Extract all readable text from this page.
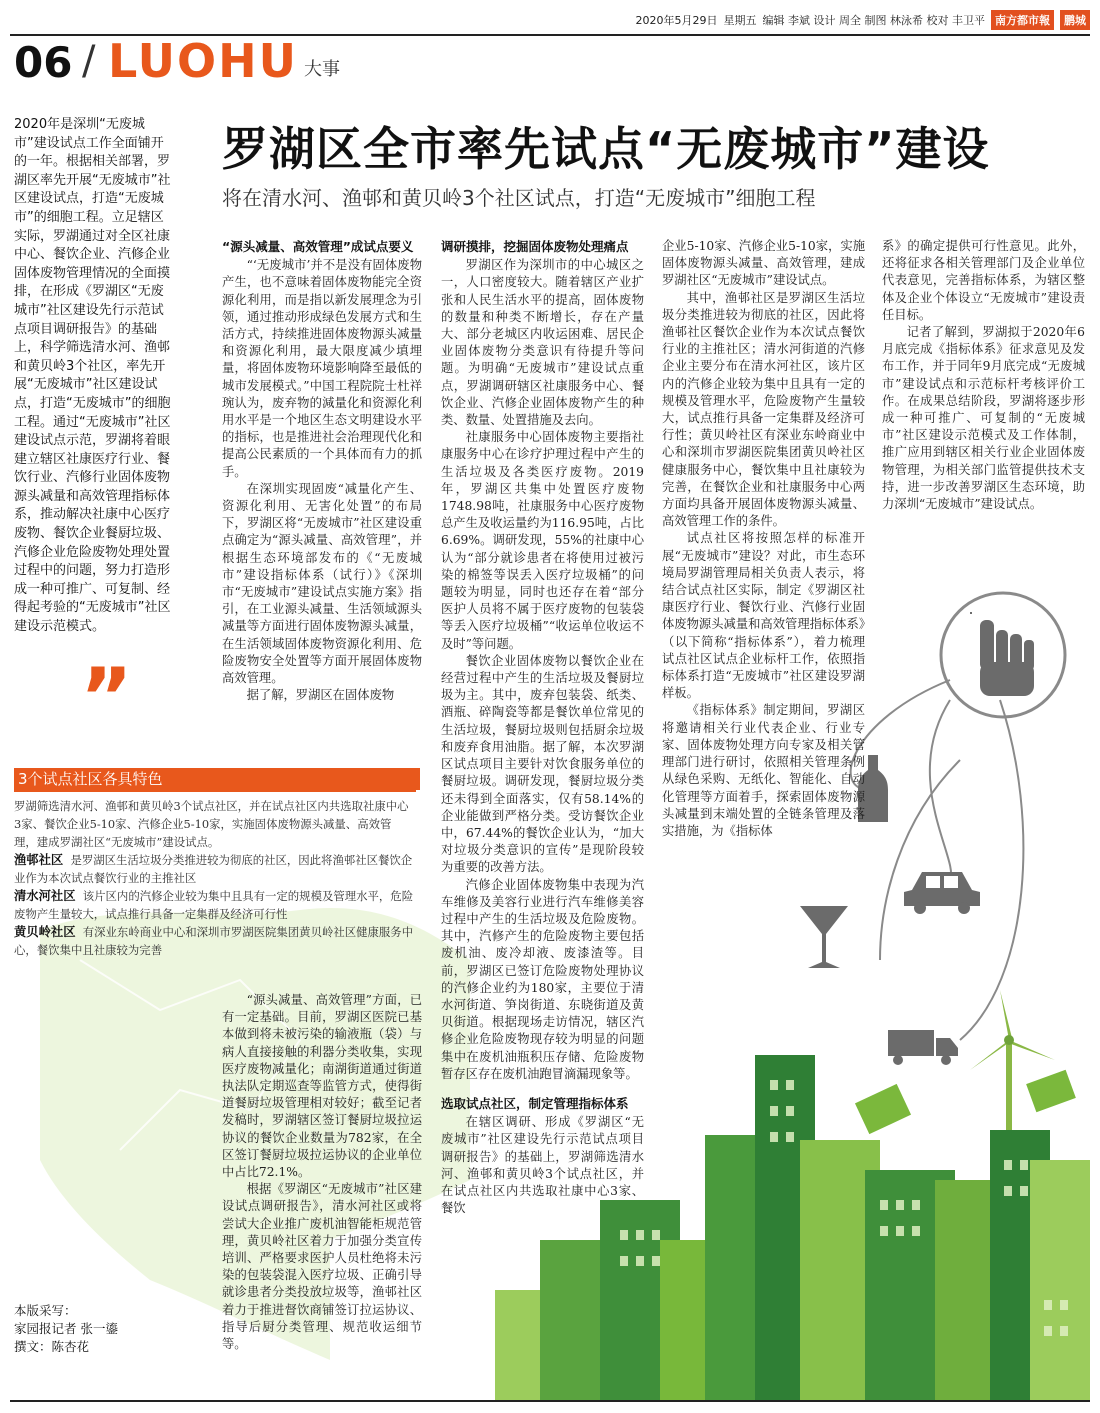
2020年5月29日 星期五 编辑 李斌 设计 周全 制图 林泳希 校对 丰卫平 南方都市報	鹏城
06 / LUOHU 大事
罗湖区全市率先试点“无废城市”建设
将在清水河、渔邨和黄贝岭3个社区试点，打造“无废城市”细胞工程
2020年是深圳“无废城市”建设试点工作全面铺开的一年。根据相关部署，罗湖区率先开展“无废城市”社区建设试点，打造“无废城市”的细胞工程。立足辖区实际，罗湖通过对全区社康中心、餐饮企业、汽修企业固体废物管理情况的全面摸排，在形成《罗湖区“无废城市”社区建设先行示范试点项目调研报告》的基础上，科学筛选清水河、渔邨和黄贝岭3个社区，率先开展“无废城市”社区建设试点，打造“无废城市”的细胞工程。通过“无废城市”社区建设试点示范，罗湖将着眼建立辖区社康医疗行业、餐饮行业、汽修行业固体废物源头减量和高效管理指标体系，推动解决社康中心医疗废物、餐饮企业餐厨垃圾、汽修企业危险废物处理处置过程中的问题，努力打造形成一种可推广、可复制、经得起考验的“无废城市”社区建设示范模式。
”
“源头减量、高效管理”成试点要义

“‘无废城市’并不是没有固体废物产生，也不意味着固体废物能完全资源化利用，而是指以新发展理念为引领，通过推动形成绿色发展方式和生活方式，持续推进固体废物源头减量和资源化利用，最大限度减少填埋量，将固体废物环境影响降至最低的城市发展模式。”中国工程院院士杜祥琬认为，废弃物的減量化和资源化利用水平是一个地区生态文明建设水平的指标，也是推进社会治理现代化和提高公民素质的一个具体而有力的抓手。

在深圳实现固废“减量化产生、资源化利用、无害化处置”的布局下，罗湖区将“无废城市”社区建设重点确定为“源头减量、高效管理”，并根据生态环境部发布的《“无废城市”建设指标体系（试行）》《深圳市“无废城市”建设试点实施方案》指引，在工业源头减量、生活领域源头减量等方面进行固体废物源头减量，在生活领域固体废物资源化利用、危险废物安全处置等方面开展固体废物高效管理。

据了解，罗湖区在固体废物

调研摸排，挖掘固体废物处理痛点

罗湖区作为深圳市的中心城区之一，人口密度较大。随着辖区产业扩张和人民生活水平的提高，固体废物的数量和种类不断增长，存在产量大、部分老城区内收运困难、居民企业固体废物分类意识有待提升等问题。为明确“无废城市”建设试点重点，罗湖调研辖区社康服务中心、餐饮企业、汽修企业固体废物产生的种类、数量、处置措施及去向。

社康服务中心固体废物主要指社康服务中心在诊疗护理过程中产生的生活垃圾及各类医疗废物。2019年，罗湖区共集中处置医疗废物1748.98吨，社康服务中心医疗废物总产生及收运量约为116.95吨，占比6.69%。调研发现，55%的社康中心认为“部分就诊患者在将使用过被污染的棉签等误丢入医疗垃圾桶”的问题较为明显，同时也还存在着“部分医护人员将不属于医疗废物的包装袋等丢入医疗垃圾桶”“收运单位收运不及时”等问题。

餐饮企业固体废物以餐饮企业在经营过程中产生的生活垃圾及餐厨垃圾为主。其中，废弃包装袋、纸类、酒瓶、碎陶瓷等都是餐饮单位常见的生活垃圾，餐厨垃圾则包括厨余垃圾和废弃食用油脂。据了解，本次罗湖区试点项目主要针对饮食服务单位的餐厨垃圾。调研发现，餐厨垃圾分类还未得到全面落实，仅有58.14%的企业能做到严格分类。受访餐饮企业中，67.44%的餐饮企业认为，“加大对垃圾分类意识的宣传”是现阶段较为重要的改善方法。

汽修企业固体废物集中表现为汽车维修及美容行业进行汽车维修美容过程中产生的生活垃圾及危险废物。其中，汽修产生的危险废物主要包括废机油、废冷却液、废漆渣等。目前，罗湖区已签订危险废物处理协议的汽修企业约为180家，主要位于清水河街道、笋岗街道、东晓街道及黄贝街道。根据现场走访情况，辖区汽修企业危险废物现存较为明显的问题集中在废机油瓶积压存储、危险废物暂存区存在废机油跑冒滴漏现象等。

选取试点社区，制定管理指标体系

在辖区调研、形成《罗湖区“无废城市”社区建设先行示范试点项目调研报告》的基础上，罗湖筛选清水河、渔邨和黄贝岭3个试点社区，并在试点社区内共选取社康中心3家、餐饮

企业5-10家、汽修企业5-10家，实施固体废物源头减量、高效管理，建成罗湖社区“无废城市”建设试点。

其中，渔邨社区是罗湖区生活垃圾分类推进较为彻底的社区，因此将渔邨社区餐饮企业作为本次试点餐饮行业的主推社区；清水河街道的汽修企业主要分布在清水河社区，该片区内的汽修企业较为集中且具有一定的规模及管理水平，危险废物产生量较大，试点推行具备一定集群及经济可行性；黄贝岭社区有深业东岭商业中心和深圳市罗湖医院集团黄贝岭社区健康服务中心，餐饮集中且社康较为完善，在餐饮企业和社康服务中心两方面均具备开展固体废物源头减量、高效管理工作的条件。

试点社区将按照怎样的标准开展“无废城市”建设？对此，市生态环境局罗湖管理局相关负责人表示，将结合试点社区实际，制定《罗湖区社康医疗行业、餐饮行业、汽修行业固体废物源头减量和高效管理指标体系》（以下简称“指标体系”），着力梳理试点社区试点企业标杆工作，依照指标体系打造“无废城市”社区建设罗湖样板。

《指标体系》制定期间，罗湖区将邀请相关行业代表企业、行业专家、固体废物处理方向专家及相关管理部门进行研讨，依照相关管理条例从绿色采购、无纸化、智能化、自动化管理等方面着手，探索固体废物源头减量到末端处置的全链条管理及落实措施，为《指标体

系》的确定提供可行性意见。此外，还将征求各相关管理部门及企业单位代表意见，完善指标体系，为辖区整体及企业个体设立“无废城市”建设责任目标。

记者了解到，罗湖拟于2020年6月底完成《指标体系》征求意见及发布工作，并于同年9月底完成“无废城市”建设试点和示范标杆考核评价工作。在成果总结阶段，罗湖将逐步形成一种可推广、可复制的“无废城市”社区建设示范模式及工作体制，推广应用到辖区相关行业企业固体废物管理，为相关部门监管提供技术支持，进一步改善罗湖区生态环境，助力深圳“无废城市”建设试点。

3个试点社区各具特色
罗湖筛选清水河、渔邨和黄贝岭3个试点社区，并在试点社区内共选取社康中心3家、餐饮企业5-10家、汽修企业5-10家，实施固体废物源头减量、高效管理，建成罗湖社区“无废城市”建设试点。
渔邨社区 是罗湖区生活垃圾分类推进较为彻底的社区，因此将渔邨社区餐饮企业作为本次试点餐饮行业的主推社区
清水河社区 该片区内的汽修企业较为集中且具有一定的规模及管理水平，危险废物产生量较大，试点推行具备一定集群及经济可行性
黄贝岭社区 有深业东岭商业中心和深圳市罗湖医院集团黄贝岭社区健康服务中心，餐饮集中且社康较为完善

“源头减量、高效管理”方面，已有一定基础。目前，罗湖区医院已基本做到将未被污染的输液瓶（袋）与病人直接接触的利器分类收集，实现医疗废物减量化；南湖街道通过街道执法队定期巡查等监管方式，使得街道餐厨垃圾管理相对较好；截至记者发稿时，罗湖辖区签订餐厨垃圾拉运协议的餐饮企业数量为782家，在全区签订餐厨垃圾拉运协议的企业单位中占比72.1%。

根据《罗湖区“无废城市”社区建设试点调研报告》，清水河社区或将尝试大企业推广废机油智能柜规范管理，黄贝岭社区着力于加强分类宣传培训、严格要求医护人员杜绝将未污染的包装袋混入医疗垃圾、正确引导就诊患者分类投放垃圾等，渔邨社区着力于推进督饮商铺签订拉运协议、指导后厨分类管理、规范收运细节等。

本版采写：
家园报记者 张一鎏
撰文：陈杏花
